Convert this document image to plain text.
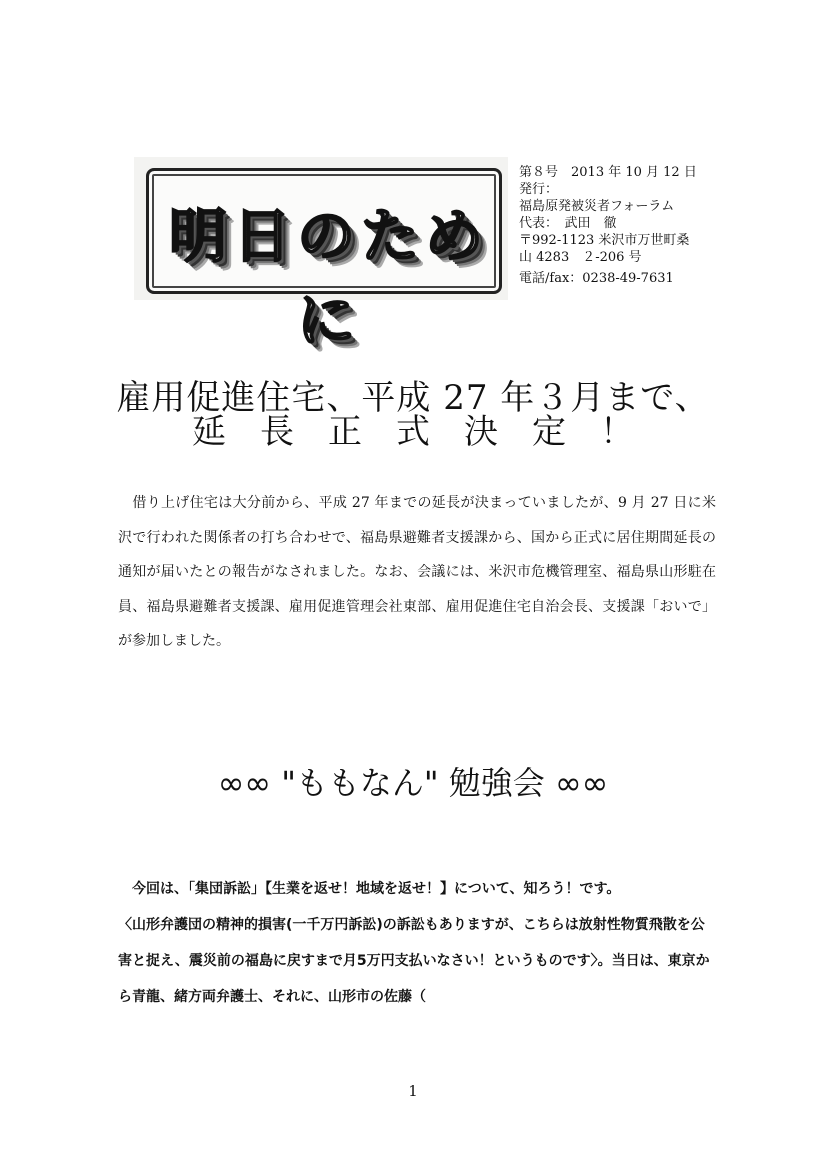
明日のために
第８号　2013 年 10 月 12 日
発行：
福島原発被災者フォーラム
代表：　武田　徹
〒992-1123 米沢市万世町桑
山 4283　２-206 号
電話/fax：0238-49-7631
雇用促進住宅、平成 27 年３月まで、
延長正式決定！
借り上げ住宅は大分前から、平成 27 年までの延長が決まっていましたが、9 月 27 日に米沢で行われた関係者の打ち合わせで、福島県避難者支援課から、国から正式に居住期間延長の通知が届いたとの報告がなされました。なお、会議には、米沢市危機管理室、福島県山形駐在員、福島県避難者支援課、雇用促進管理会社東部、雇用促進住宅自治会長、支援課「おいで」が参加しました。
∞∞ "ももなん" 勉強会 ∞∞

今回は、「集団訴訟」【生業を返せ！地域を返せ！】について、知ろう！です。

〈山形弁護団の精神的損害(一千万円訴訟)の訴訟もありますが、こちらは放射性物質飛散を公害と捉え、震災前の福島に戻すまで月5万円支払いなさい！というものです〉。当日は、東京から青龍、緒方両弁護士、それに、山形市の佐藤（

1
